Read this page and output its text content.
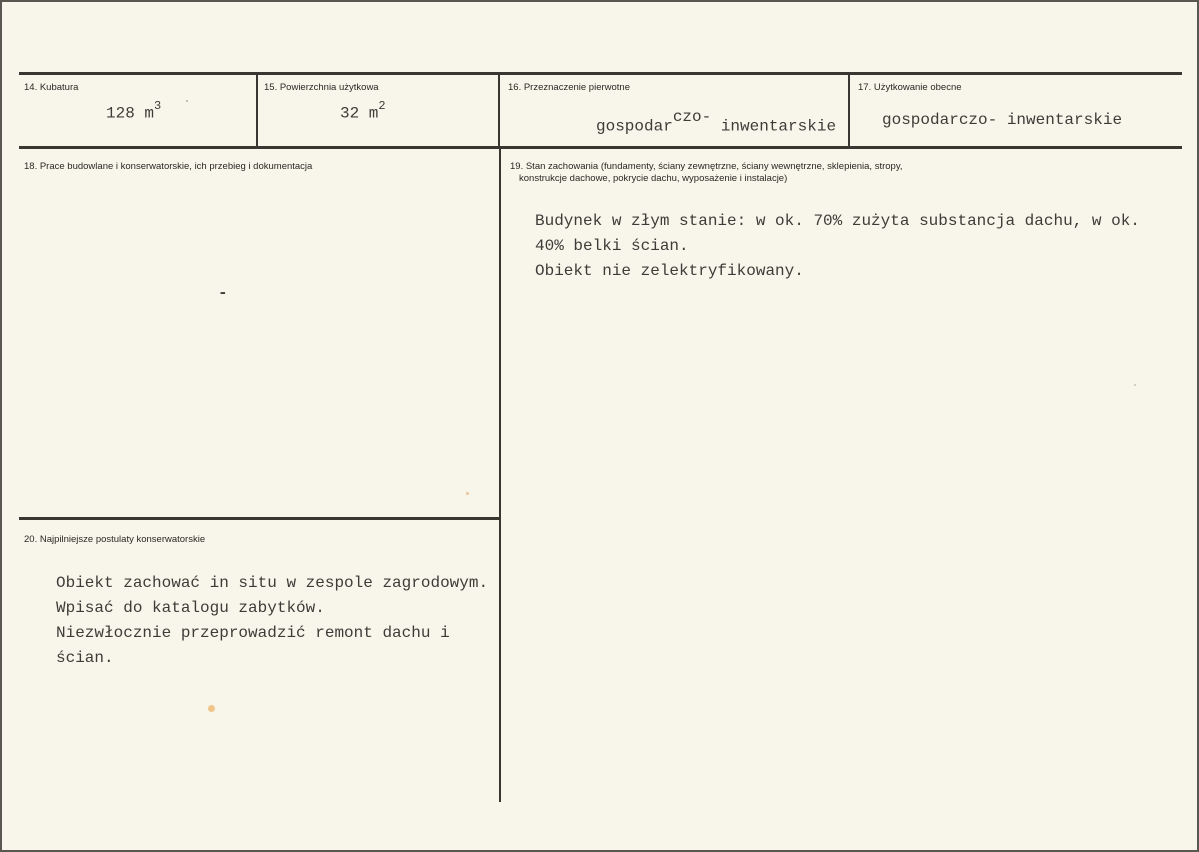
14. Kubatura
128 $m^3$
15. Powierzchnia użytkowa
32 $m^2$
16. Przeznaczenie pierwotne
gospodar$^{czo-}$ inwentarskie
17. Użytkowanie obecne
gospodarczo- inwentarskie
18. Prace budowlane i konserwatorskie, ich przebieg i dokumentacja
-
19. Stan zachowania (fundamenty, ściany zewnętrzne, ściany wewnętrzne, sklepienia, stropy,
konstrukcje dachowe, pokrycie dachu, wyposażenie i instalacje)
Budynek w złym stanie: w ok. 70% zużyta substancja dachu, w ok.
40% belki ścian.
Obiekt nie zelektryfikowany.
20. Najpilniejsze postulaty konserwatorskie
Obiekt zachować in situ w zespole zagrodowym.
Wpisać do katalogu zabytków.
Niezwłocznie przeprowadzić remont dachu i
ścian.
